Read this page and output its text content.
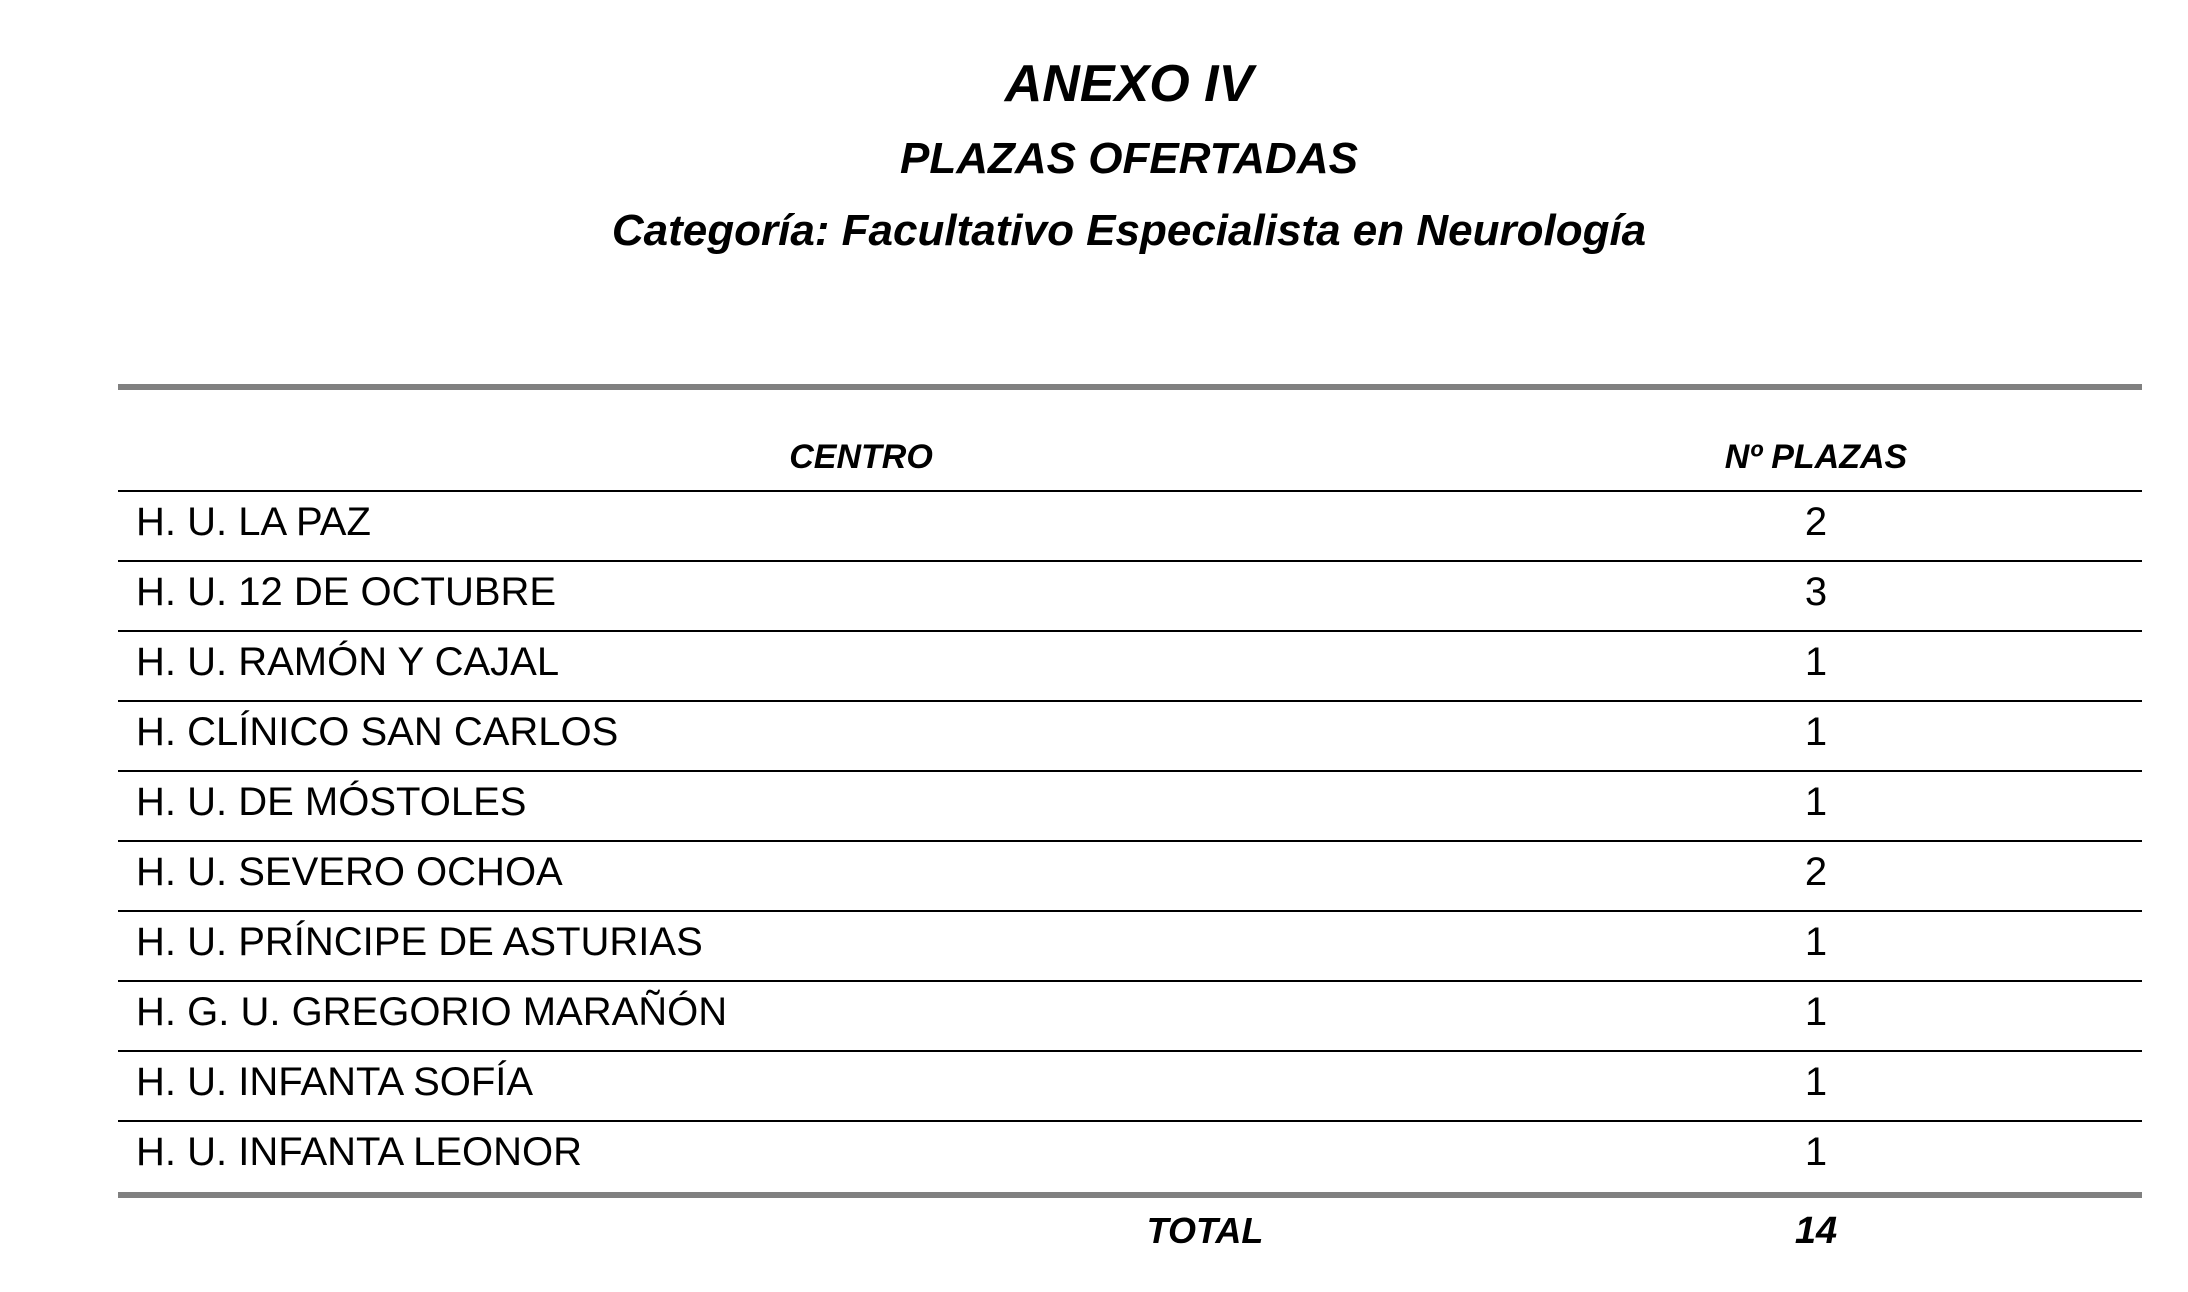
ANEXO IV
PLAZAS OFERTADAS
Categoría: Facultativo Especialista en Neurología
CENTRO	Nº PLAZAS
H. U. LA PAZ	2
H. U. 12 DE OCTUBRE	3
H. U. RAMÓN Y CAJAL	1
H. CLÍNICO SAN CARLOS	1
H. U. DE MÓSTOLES	1
H. U. SEVERO OCHOA	2
H. U. PRÍNCIPE DE ASTURIAS	1
H. G. U. GREGORIO MARAÑÓN	1
H. U. INFANTA SOFÍA	1
H. U. INFANTA LEONOR	1
TOTAL	14
